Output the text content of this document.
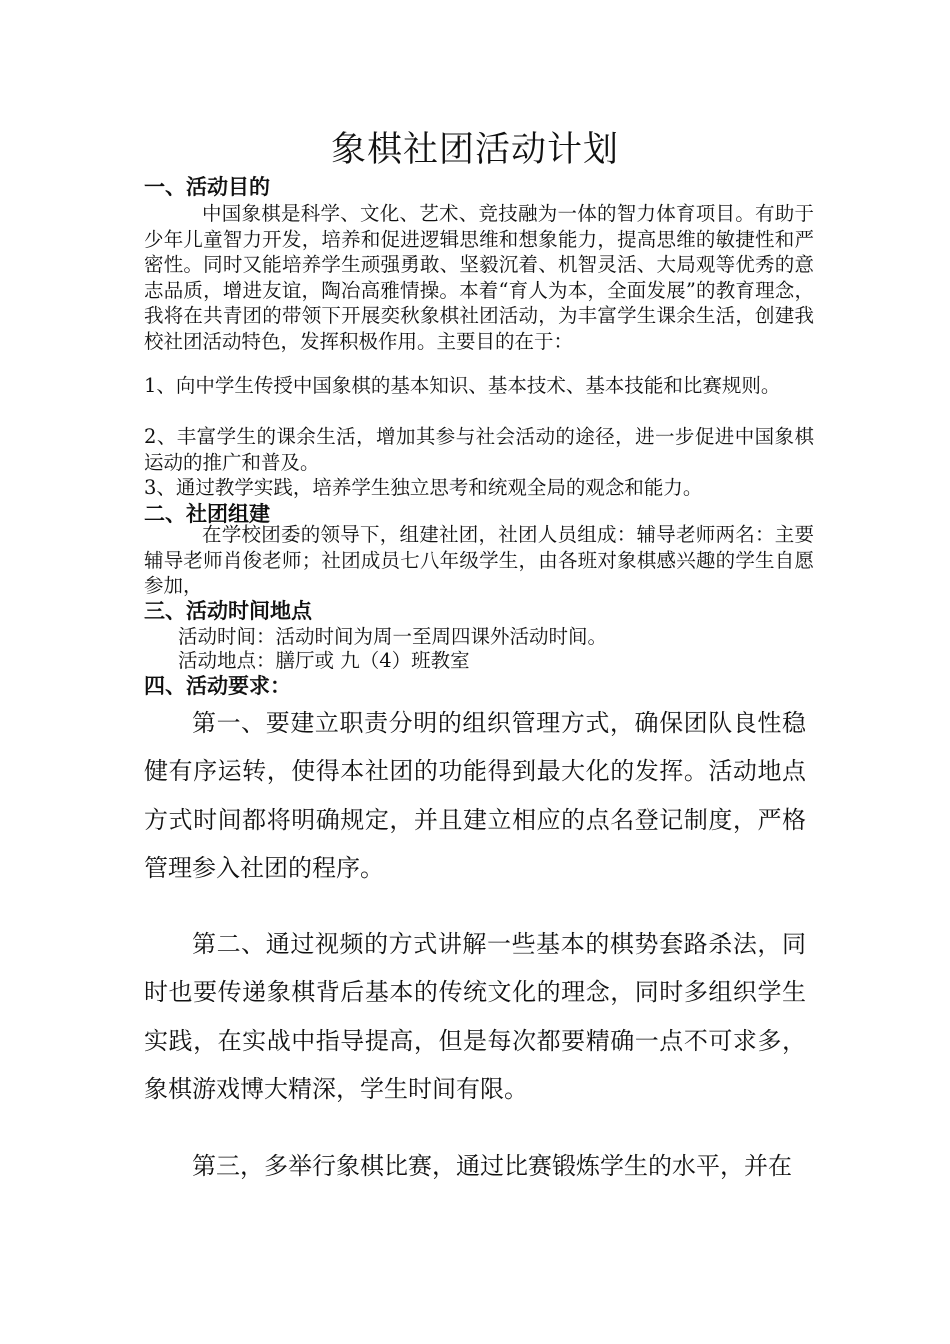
象棋社团活动计划
一、活动目的
中国象棋是科学、文化、艺术、竞技融为一体的智力体育项目。有助于少年儿童智力开发，培养和促进逻辑思维和想象能力，提高思维的敏捷性和严密性。同时又能培养学生顽强勇敢、坚毅沉着、机智灵活、大局观等优秀的意志品质，增进友谊，陶冶高雅情操。本着“育人为本，全面发展”的教育理念，我将在共青团的带领下开展奕秋象棋社团活动，为丰富学生课余生活，创建我校社团活动特色，发挥积极作用。主要目的在于：
1、向中学生传授中国象棋的基本知识、基本技术、基本技能和比赛规则。
2、丰富学生的课余生活，增加其参与社会活动的途径，进一步促进中国象棋运动的推广和普及。
3、通过教学实践，培养学生独立思考和统观全局的观念和能力。
二、社团组建
在学校团委的领导下，组建社团，社团人员组成：辅导老师两名：主要辅导老师肖俊老师；社团成员七八年级学生，由各班对象棋感兴趣的学生自愿参加，
三、活动时间地点
活动时间：活动时间为周一至周四课外活动时间。
活动地点：膳厅或 九（4）班教室
四、活动要求：
第一、要建立职责分明的组织管理方式，确保团队良性稳健有序运转，使得本社团的功能得到最大化的发挥。活动地点方式时间都将明确规定，并且建立相应的点名登记制度，严格管理参入社团的程序。
第二、通过视频的方式讲解一些基本的棋势套路杀法，同时也要传递象棋背后基本的传统文化的理念，同时多组织学生实践，在实战中指导提高，但是每次都要精确一点不可求多，象棋游戏博大精深，学生时间有限。
第三，多举行象棋比赛，通过比赛锻炼学生的水平，并在
